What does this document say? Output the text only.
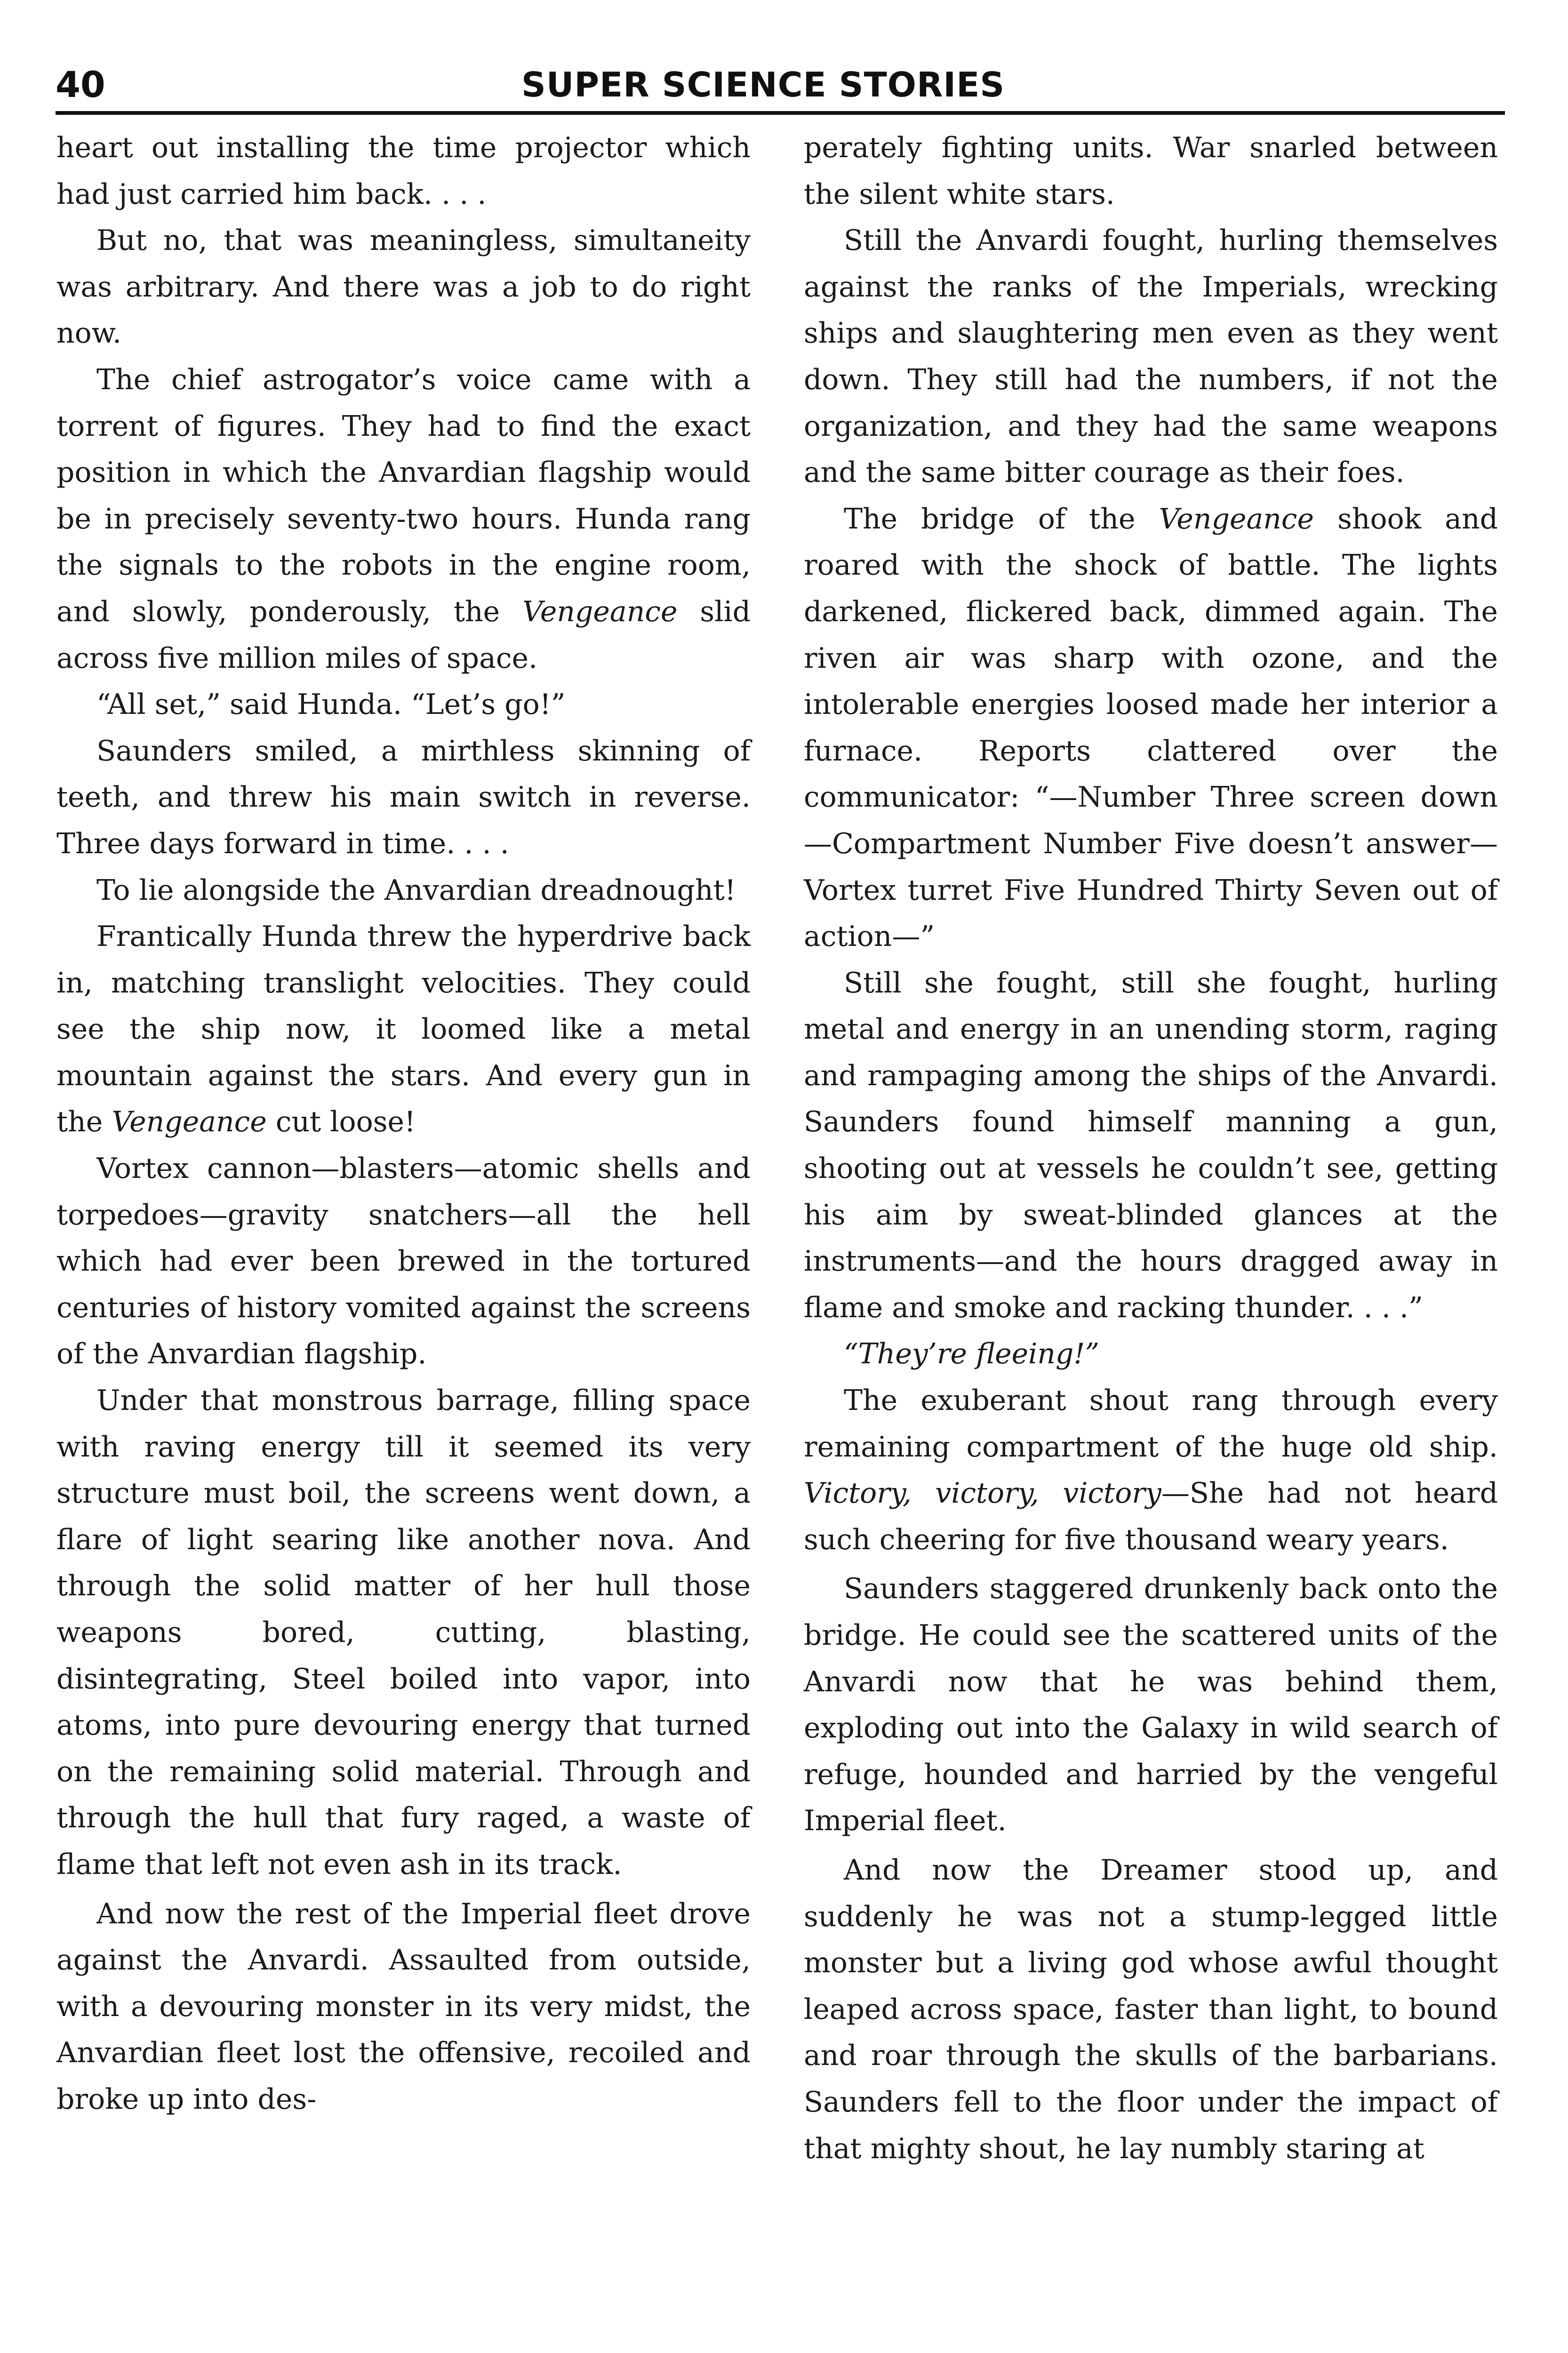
40	SUPER SCIENCE STORIES

heart out installing the time projector which had just carried him back. . . .

But no, that was meaningless, simultaneity was arbitrary. And there was a job to do right now.

The chief astrogator’s voice came with a torrent of figures. They had to find the exact position in which the Anvardian flagship would be in precisely seventy-two hours. Hunda rang the signals to the robots in the engine room, and slowly, ponderously, the Vengeance slid across five million miles of space.

“All set,” said Hunda. “Let’s go!”

Saunders smiled, a mirthless skinning of teeth, and threw his main switch in reverse. Three days forward in time. . . .

To lie alongside the Anvardian dreadnought!

Frantically Hunda threw the hyperdrive back in, matching translight velocities. They could see the ship now, it loomed like a metal mountain against the stars. And every gun in the Vengeance cut loose!

Vortex cannon—blasters—atomic shells and torpedoes—gravity snatchers—all the hell which had ever been brewed in the tortured centuries of history vomited against the screens of the Anvardian flagship.

Under that monstrous barrage, filling space with raving energy till it seemed its very structure must boil, the screens went down, a flare of light searing like another nova. And through the solid matter of her hull those weapons bored, cutting, blasting, disintegrating, Steel boiled into vapor, into atoms, into pure devouring energy that turned on the remaining solid material. Through and through the hull that fury raged, a waste of flame that left not even ash in its track.

And now the rest of the Imperial fleet drove against the Anvardi. Assaulted from outside, with a devouring monster in its very midst, the Anvardian fleet lost the offensive, recoiled and broke up into des-

perately fighting units. War snarled between the silent white stars.

Still the Anvardi fought, hurling themselves against the ranks of the Imperials, wrecking ships and slaughtering men even as they went down. They still had the numbers, if not the organization, and they had the same weapons and the same bitter courage as their foes.

The bridge of the Vengeance shook and roared with the shock of battle. The lights darkened, flickered back, dimmed again. The riven air was sharp with ozone, and the intolerable energies loosed made her interior a furnace. Reports clattered over the communicator: “—Number Three screen down—Compartment Number Five doesn’t answer—Vortex turret Five Hundred Thirty Seven out of action—”

Still she fought, still she fought, hurling metal and energy in an unending storm, raging and rampaging among the ships of the Anvardi. Saunders found himself manning a gun, shooting out at vessels he couldn’t see, getting his aim by sweat-blinded glances at the instruments—and the hours dragged away in flame and smoke and racking thunder. . . .”

“They’re fleeing!”

The exuberant shout rang through every remaining compartment of the huge old ship. Victory, victory, victory—She had not heard such cheering for five thousand weary years.

Saunders staggered drunkenly back onto the bridge. He could see the scattered units of the Anvardi now that he was behind them, exploding out into the Galaxy in wild search of refuge, hounded and harried by the vengeful Imperial fleet.

And now the Dreamer stood up, and suddenly he was not a stump-legged little monster but a living god whose awful thought leaped across space, faster than light, to bound and roar through the skulls of the barbarians. Saunders fell to the floor under the impact of that mighty shout, he lay numbly staring at
